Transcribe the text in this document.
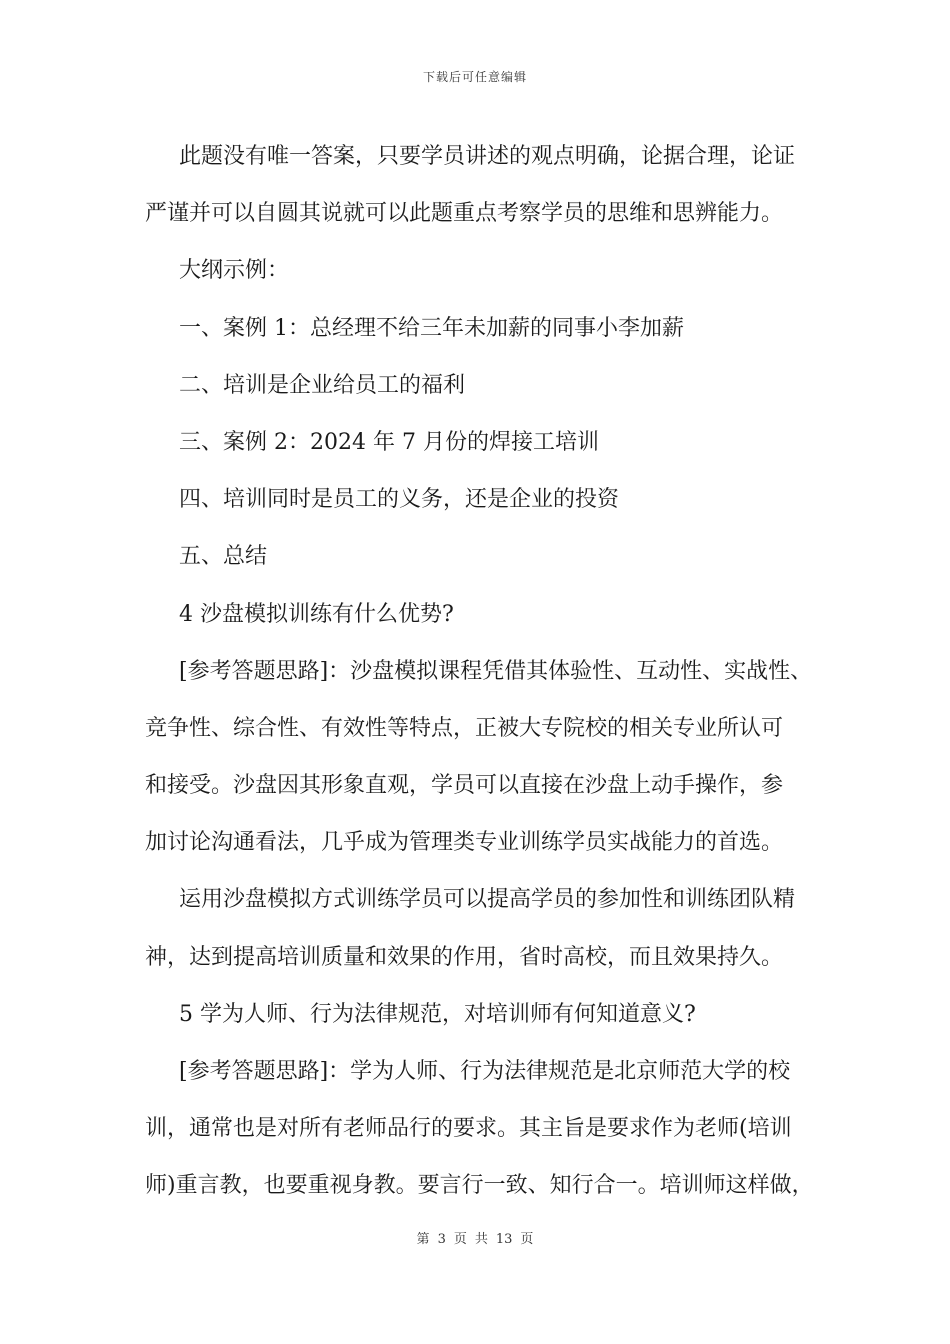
下载后可任意编辑
此题没有唯一答案，只要学员讲述的观点明确，论据合理，论证
严谨并可以自圆其说就可以此题重点考察学员的思维和思辨能力。
大纲示例：
一、案例 1：总经理不给三年未加薪的同事小李加薪
二、培训是企业给员工的福利
三、案例 2：2024 年 7 月份的焊接工培训
四、培训同时是员工的义务，还是企业的投资
五、总结
4 沙盘模拟训练有什么优势?
[参考答题思路]：沙盘模拟课程凭借其体验性、互动性、实战性、
竞争性、综合性、有效性等特点，正被大专院校的相关专业所认可
和接受。沙盘因其形象直观，学员可以直接在沙盘上动手操作，参
加讨论沟通看法，几乎成为管理类专业训练学员实战能力的首选。
运用沙盘模拟方式训练学员可以提高学员的参加性和训练团队精
神，达到提高培训质量和效果的作用，省时高校，而且效果持久。
5 学为人师、行为法律规范，对培训师有何知道意义?
[参考答题思路]：学为人师、行为法律规范是北京师范大学的校
训，通常也是对所有老师品行的要求。其主旨是要求作为老师(培训
师)重言教，也要重视身教。要言行一致、知行合一。培训师这样做，
第 3 页 共 13 页
